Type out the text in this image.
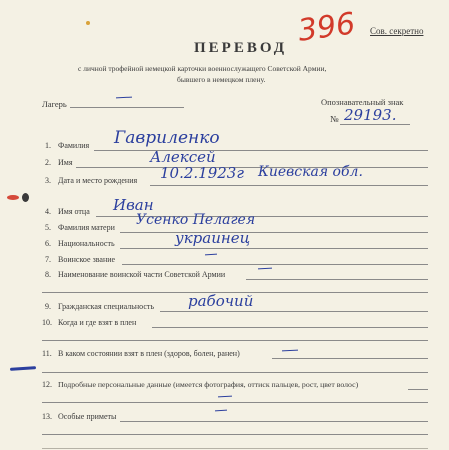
Сов. секретно
396
ПЕРЕВОД
с личной трофейной немецкой карточки военнослужащего Советской Армии,
бывшего в немецком плену.
Лагерь	Опознавательный знак
№ 29193.
1. Фамилия Гавриленко
2. Имя	Алексей
3. Дата и место рождения 10.2.1923г Киевская обл.
4. Имя отца Иван
5. Фамилия матери Усенко Пелагея
6. Национальность	украинец
7. Воинское звание
8. Наименование воинской части Советской Армии
9. Гражданская специальность рабочий
10. Когда и где взят в плен
11. В каком состоянии взят в плен (здоров, болен, ранен)
12. Подробные персональные данные (имеется фотография, оттиск пальцев, рост, цвет волос)
13. Особые приметы
